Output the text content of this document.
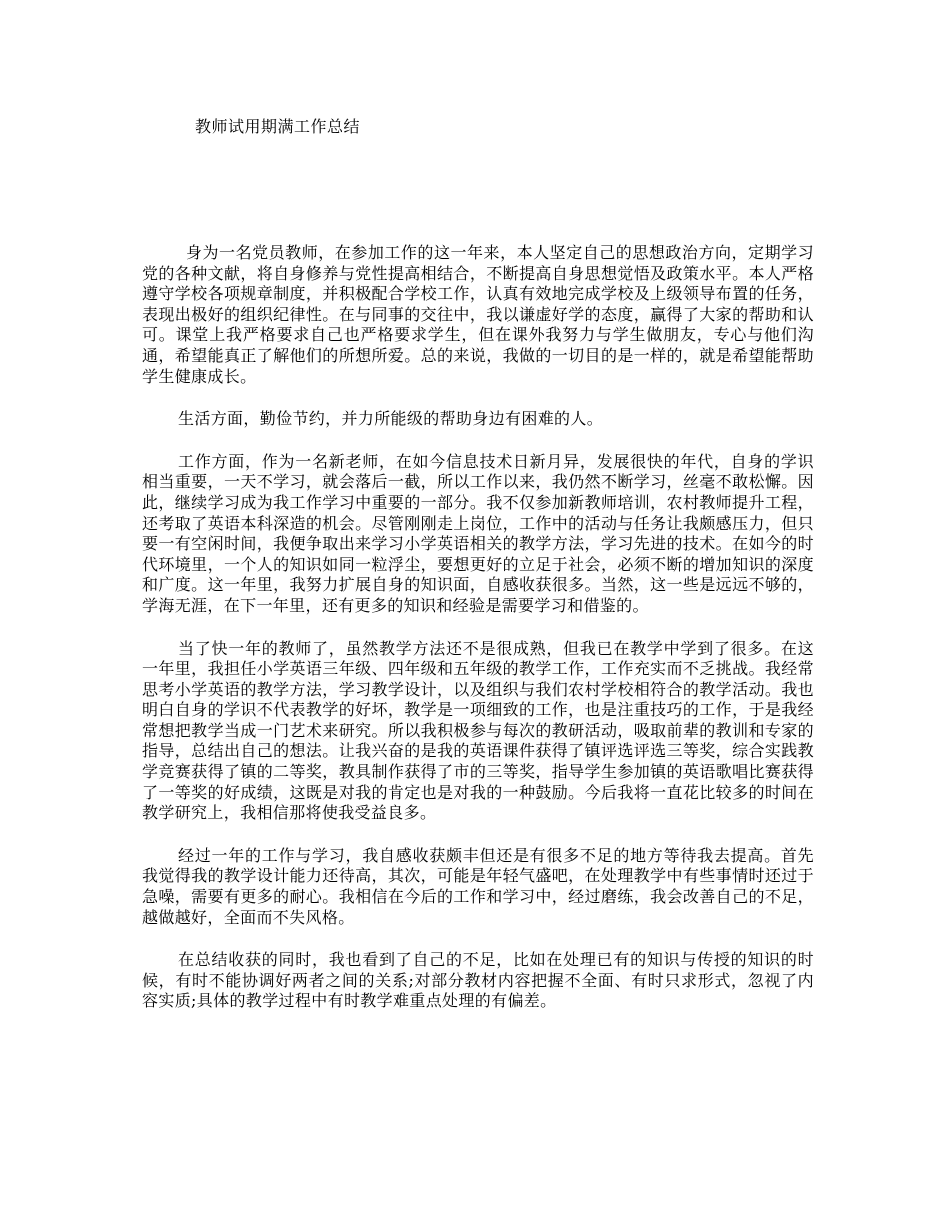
教师试用期满工作总结

身为一名党员教师，在参加工作的这一年来，本人坚定自己的思想政治方向，定期学习党的各种文献，将自身修养与党性提高相结合，不断提高自身思想觉悟及政策水平。本人严格遵守学校各项规章制度，并积极配合学校工作，认真有效地完成学校及上级领导布置的任务，表现出极好的组织纪律性。在与同事的交往中，我以谦虚好学的态度，赢得了大家的帮助和认可。课堂上我严格要求自己也严格要求学生，但在课外我努力与学生做朋友，专心与他们沟通，希望能真正了解他们的所想所爱。总的来说，我做的一切目的是一样的，就是希望能帮助学生健康成长。

生活方面，勤俭节约，并力所能级的帮助身边有困难的人。

工作方面，作为一名新老师，在如今信息技术日新月异，发展很快的年代，自身的学识相当重要，一天不学习，就会落后一截，所以工作以来，我仍然不断学习，丝毫不敢松懈。因此，继续学习成为我工作学习中重要的一部分。我不仅参加新教师培训，农村教师提升工程，还考取了英语本科深造的机会。尽管刚刚走上岗位，工作中的活动与任务让我颇感压力，但只要一有空闲时间，我便争取出来学习小学英语相关的教学方法，学习先进的技术。在如今的时代环境里，一个人的知识如同一粒浮尘，要想更好的立足于社会，必须不断的增加知识的深度和广度。这一年里，我努力扩展自身的知识面，自感收获很多。当然，这一些是远远不够的，学海无涯，在下一年里，还有更多的知识和经验是需要学习和借鉴的。

当了快一年的教师了，虽然教学方法还不是很成熟，但我已在教学中学到了很多。在这一年里，我担任小学英语三年级、四年级和五年级的教学工作，工作充实而不乏挑战。我经常思考小学英语的教学方法，学习教学设计，以及组织与我们农村学校相符合的教学活动。我也明白自身的学识不代表教学的好坏，教学是一项细致的工作，也是注重技巧的工作，于是我经常想把教学当成一门艺术来研究。所以我积极参与每次的教研活动，吸取前辈的教训和专家的指导，总结出自己的想法。让我兴奋的是我的英语课件获得了镇评选评选三等奖，综合实践教学竞赛获得了镇的二等奖，教具制作获得了市的三等奖，指导学生参加镇的英语歌唱比赛获得了一等奖的好成绩，这既是对我的肯定也是对我的一种鼓励。今后我将一直花比较多的时间在教学研究上，我相信那将使我受益良多。

经过一年的工作与学习，我自感收获颇丰但还是有很多不足的地方等待我去提高。首先我觉得我的教学设计能力还待高，其次，可能是年轻气盛吧，在处理教学中有些事情时还过于急噪，需要有更多的耐心。我相信在今后的工作和学习中，经过磨练，我会改善自己的不足，越做越好，全面而不失风格。

在总结收获的同时，我也看到了自己的不足，比如在处理已有的知识与传授的知识的时候，有时不能协调好两者之间的关系;对部分教材内容把握不全面、有时只求形式，忽视了内容实质;具体的教学过程中有时教学难重点处理的有偏差。
